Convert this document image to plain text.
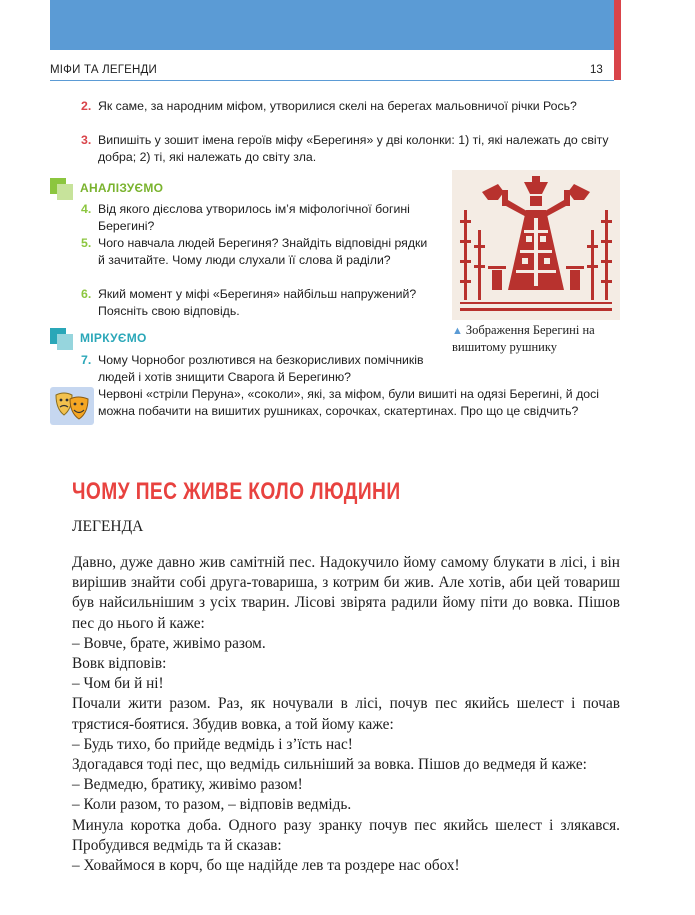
МІФИ ТА ЛЕГЕНДИ	13
2. Як саме, за народним міфом, утворилися скелі на берегах мальовничої річки Рось?
3. Випишіть у зошит імена героїв міфу «Берегиня» у дві колонки: 1) ті, які належать до світу добра; 2) ті, які належать до світу зла.
АНАЛІЗУЄМО
4. Від якого дієслова утворилось ім’я міфологічної богині Берегині?
5. Чого навчала людей Берегиня? Знайдіть відповідні рядки й зачитайте. Чому люди слухали її слова й раділи?
6. Який момент у міфі «Берегиня» найбільш напружений? Поясніть свою відповідь.
МІРКУЄМО
7. Чому Чорнобог розлютився на безкорисливих помічників людей і хотів знищити Сварога й Берегиню?
Червоні «стріли Перуна», «соколи», які, за міфом, були вишиті на одязі Берегині, й досі можна побачити на вишитих рушниках, сорочках, скатертинах. Про що це свідчить?
▲ Зображення Берегині на вишитому рушнику
ЧОМУ ПЕС ЖИВЕ КОЛО ЛЮДИНИ
ЛЕГЕНДА

Давно, дуже давно жив самітній пес. Надокучило йому самому блукати в лісі, і він вирішив знайти собі друга-товариша, з котрим би жив. Але хотів, аби цей товариш був найсильнішим з усіх тварин. Лісові звірята радили йому піти до вовка. Пішов пес до нього й каже:

– Вовче, брате, живімо разом.

Вовк відповів:

– Чом би й ні!

Почали жити разом. Раз, як ночували в лісі, почув пес якийсь шелест і почав трястися-боятися. Збудив вовка, а той йому каже:

– Будь тихо, бо прийде ведмідь і з’їсть нас!

Здогадався тоді пес, що ведмідь сильніший за вовка. Пішов до ведмедя й каже:

– Ведмедю, братику, живімо разом!

– Коли разом, то разом, – відповів ведмідь.

Минула коротка доба. Одного разу зранку почув пес якийсь шелест і злякався. Пробудився ведмідь та й сказав:

– Ховаймося в корч, бо ще надійде лев та роздере нас обох!
